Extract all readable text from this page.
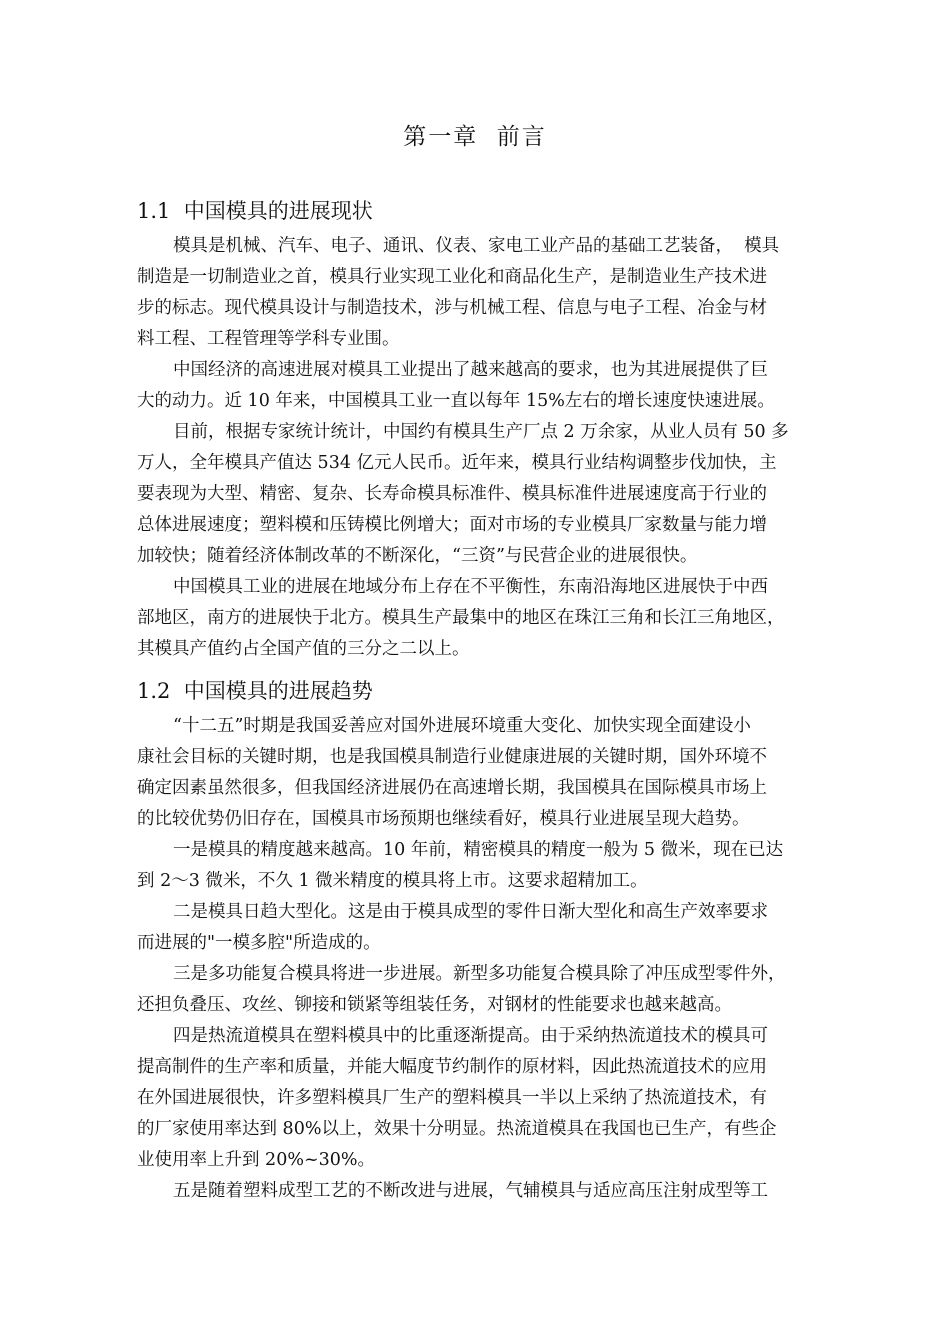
第一章  前言
1.1  中国模具的进展现状
模具是机械、汽车、电子、通讯、仪表、家电工业产品的基础工艺装备，  模具
制造是一切制造业之首，模具行业实现工业化和商品化生产，是制造业生产技术进
步的标志。现代模具设计与制造技术，涉与机械工程、信息与电子工程、冶金与材
料工程、工程管理等学科专业围。
中国经济的高速进展对模具工业提出了越来越高的要求，也为其进展提供了巨
大的动力。近 10 年来，中国模具工业一直以每年 15%左右的增长速度快速进展。
目前，根据专家统计统计，中国约有模具生产厂点 2 万余家，从业人员有 50 多
万人，全年模具产值达 534 亿元人民币。近年来，模具行业结构调整步伐加快，主
要表现为大型、精密、复杂、长寿命模具标准件、模具标准件进展速度高于行业的
总体进展速度；塑料模和压铸模比例增大；面对市场的专业模具厂家数量与能力增
加较快；随着经济体制改革的不断深化，“三资”与民营企业的进展很快。
中国模具工业的进展在地域分布上存在不平衡性，东南沿海地区进展快于中西
部地区，南方的进展快于北方。模具生产最集中的地区在珠江三角和长江三角地区，
其模具产值约占全国产值的三分之二以上。
1.2  中国模具的进展趋势
“十二五”时期是我国妥善应对国外进展环境重大变化、加快实现全面建设小
康社会目标的关键时期，也是我国模具制造行业健康进展的关键时期，国外环境不
确定因素虽然很多，但我国经济进展仍在高速增长期，我国模具在国际模具市场上
的比较优势仍旧存在，国模具市场预期也继续看好，模具行业进展呈现大趋势。
一是模具的精度越来越高。10 年前，精密模具的精度一般为 5 微米，现在已达
到 2～3 微米，不久 1 微米精度的模具将上市。这要求超精加工。
二是模具日趋大型化。这是由于模具成型的零件日渐大型化和高生产效率要求
而进展的"一模多腔"所造成的。
三是多功能复合模具将进一步进展。新型多功能复合模具除了冲压成型零件外，
还担负叠压、攻丝、铆接和锁紧等组装任务，对钢材的性能要求也越来越高。
四是热流道模具在塑料模具中的比重逐渐提高。由于采纳热流道技术的模具可
提高制件的生产率和质量，并能大幅度节约制作的原材料，因此热流道技术的应用
在外国进展很快，许多塑料模具厂生产的塑料模具一半以上采纳了热流道技术，有
的厂家使用率达到 80%以上，效果十分明显。热流道模具在我国也已生产，有些企
业使用率上升到 20%~30%。
五是随着塑料成型工艺的不断改进与进展，气辅模具与适应高压注射成型等工
